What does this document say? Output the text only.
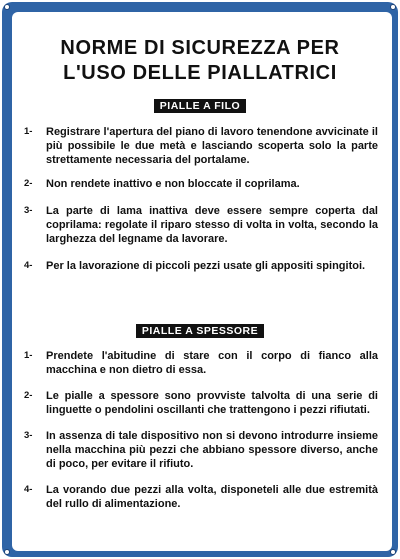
NORME DI SICUREZZA PER
L'USO DELLE PIALLATRICI
PIALLE A FILO
1- Registrare l'apertura del piano di lavoro tenendone avvicinate il più possibile le due metà e lasciando scoperta solo la parte strettamente necessaria del portalame.
2- Non rendete inattivo e non bloccate il coprilama.
3- La parte di lama inattiva deve essere sempre coperta dal coprilama: regolate il riparo stesso di volta in volta, secondo la larghezza del legname da lavorare.
4- Per la lavorazione di piccoli pezzi usate gli appositi spingitoi.
PIALLE A SPESSORE
1- Prendete l'abitudine di stare con il corpo di fianco alla macchina e non dietro di essa.
2- Le pialle a spessore sono provviste talvolta di una serie di linguette o pendolini oscillanti che trattengono i pezzi rifiutati.
3- In assenza di tale dispositivo non si devono introdurre insieme nella macchina più pezzi che abbiano spessore diverso, anche di poco, per evitare il rifiuto.
4- La vorando due pezzi alla volta, disponeteli alle due estremità del rullo di alimentazione.
